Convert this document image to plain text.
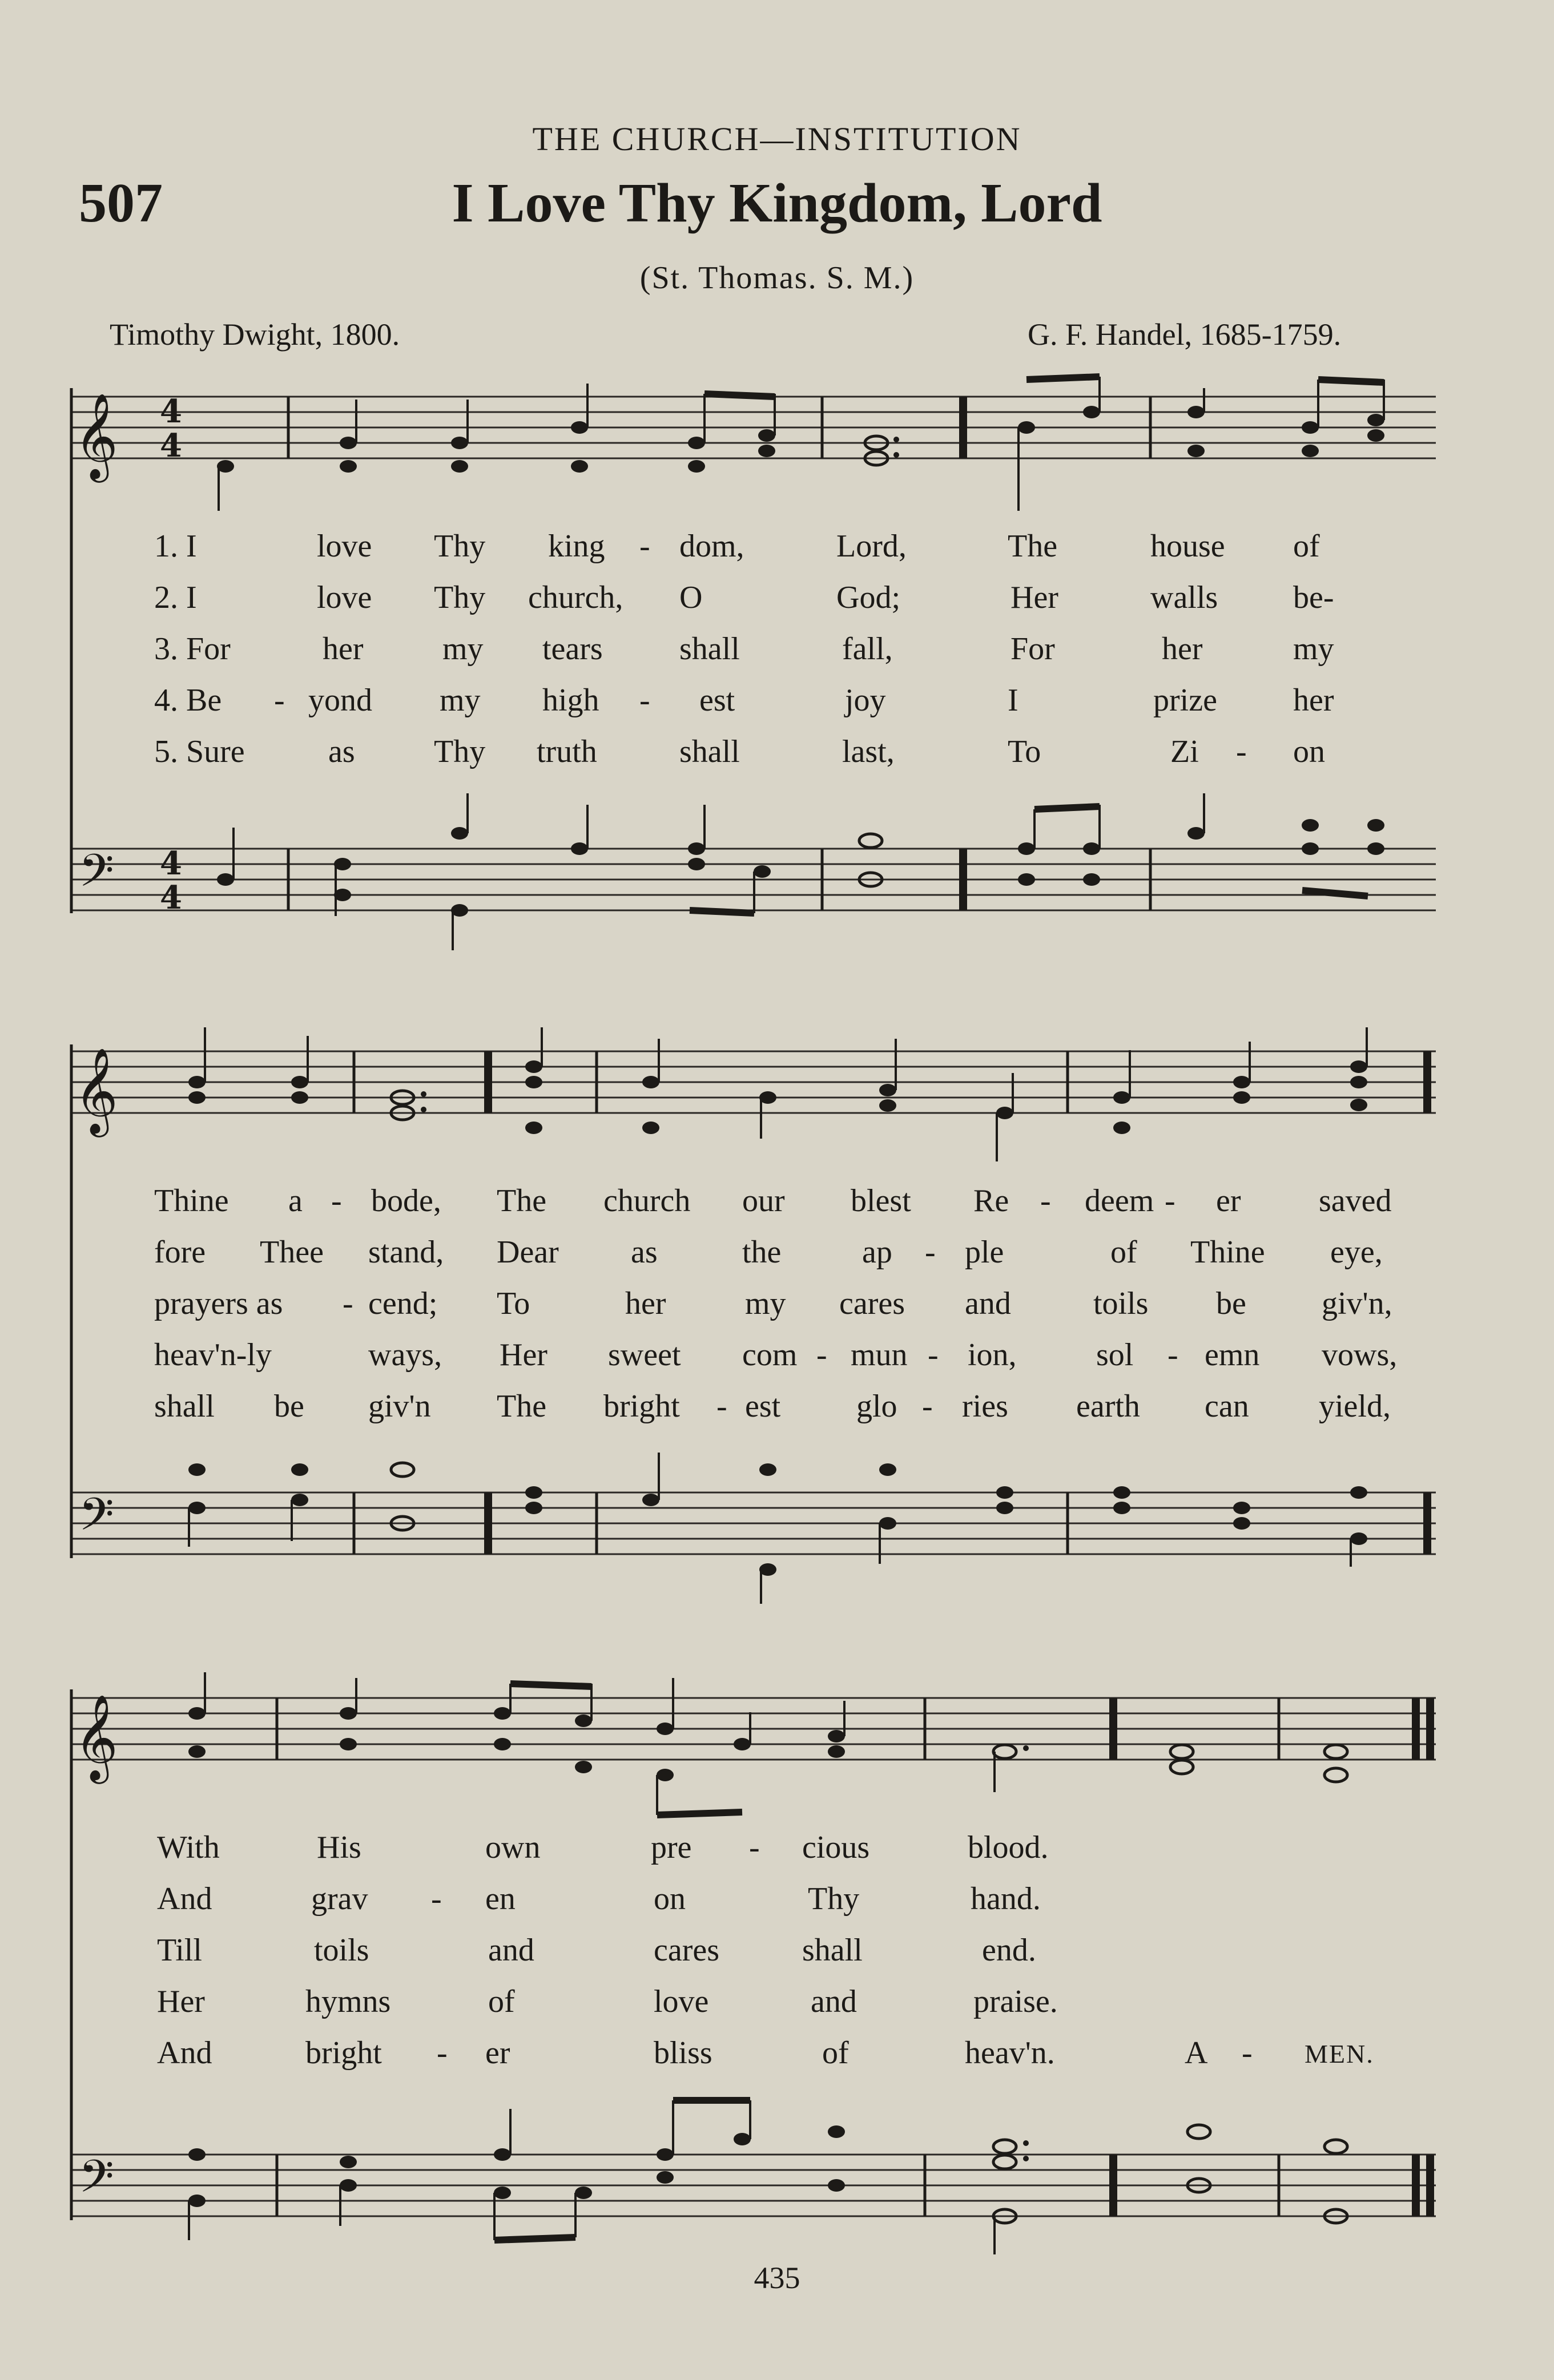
THE CHURCH—INSTITUTION
507	I Love Thy Kingdom, Lord
(St. Thomas. S. M.)
Timothy Dwight, 1800.	G. F. Handel, 1685-1759.
𝄞
𝄢
4
4
4
4
𝄞
𝄢
𝄞
𝄢
1. I	love Thy king - dom,	Lord,	The	house of
2. I	love Thy church, O	God;	Her	walls be-
3. For	her my tears shall	fall,	For	her	my
4. Be - yond my high - est	joy	I	prize her
5. Sure	as Thy truth	shall	last,	To	Zi - on
Thine a - bode, The church our blest Re - deem - er saved
fore Thee stand, Dear as	the	ap - ple	of Thine eye,
prayers as - cend; To	her my cares and	toils be giv'n,
heav'n-ly	ways, Her sweet com - mun - ion, sol - emn vows,
shall be giv'n The bright - est glo - ries earth can yield,
With	His	own	pre - cious	blood.
And	grav - en	on	Thy	hand.
Till	toils	and	cares	shall	end.
Her	hymns	of	love	and	praise.
And	bright - er	bliss	of	heav'n.	A - MEN.
435
